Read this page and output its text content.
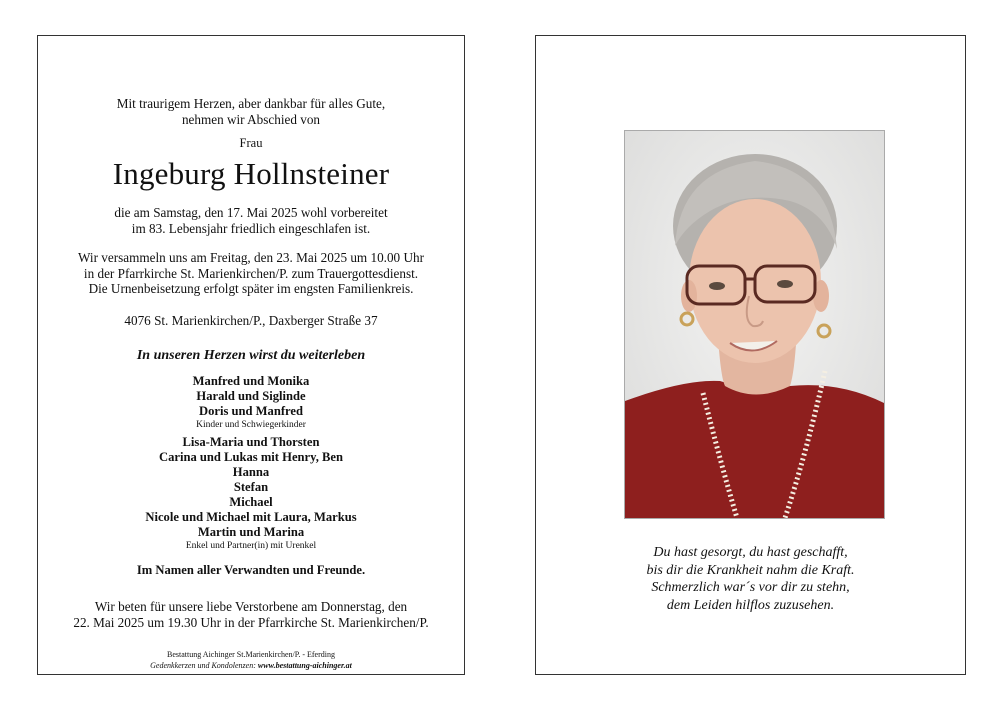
Mit traurigem Herzen, aber dankbar für alles Gute,
nehmen wir Abschied von
Frau
Ingeburg Hollnsteiner
die am Samstag, den 17. Mai 2025 wohl vorbereitet
im 83. Lebensjahr friedlich eingeschlafen ist.
Wir versammeln uns am Freitag, den 23. Mai 2025 um 10.00 Uhr
in der Pfarrkirche St. Marienkirchen/P. zum Trauergottesdienst.
Die Urnenbeisetzung erfolgt später im engsten Familienkreis.
4076 St. Marienkirchen/P., Daxberger Straße 37
In unseren Herzen wirst du weiterleben
Manfred und Monika
Harald und Siglinde
Doris und Manfred
Kinder und Schwiegerkinder
Lisa-Maria und Thorsten
Carina und Lukas mit Henry, Ben
Hanna
Stefan
Michael
Nicole und Michael mit Laura, Markus
Martin und Marina
Enkel und Partner(in) mit Urenkel
Im Namen aller Verwandten und Freunde.
Wir beten für unsere liebe Verstorbene am Donnerstag, den
22. Mai 2025 um 19.30 Uhr in der Pfarrkirche St. Marienkirchen/P.
Bestattung Aichinger St.Marienkirchen/P. - Eferding
Gedenkkerzen und Kondolenzen: www.bestattung-aichinger.at
Du hast gesorgt, du hast geschafft,
bis dir die Krankheit nahm die Kraft.
Schmerzlich war´s vor dir zu stehn,
dem Leiden hilflos zuzusehen.
